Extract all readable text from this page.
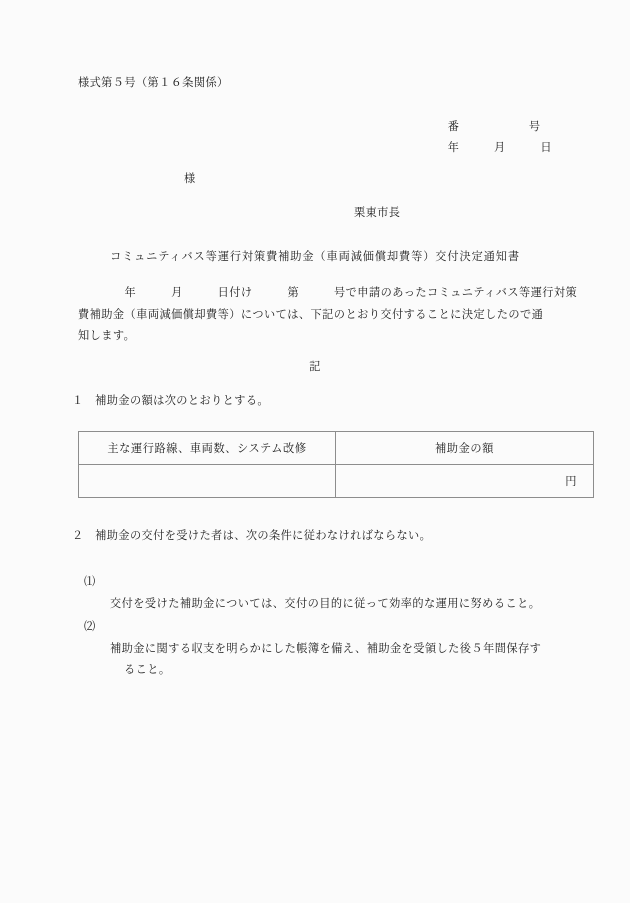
様式第５号（第１６条関係）
番　　　　　　号
年　　　月　　　日
様
栗東市長
コミュニティバス等運行対策費補助金（車両減価償却費等）交付決定通知書
　　　　年　　　月　　　日付け　　　第　　　号で申請のあったコミュニティバス等運行対策
費補助金（車両減価償却費等）については、下記のとおり交付することに決定したので通
知します。
記
１　補助金の額は次のとおりとする。
主な運行路線、車両数、システム改修	補助金の額
	円
２　補助金の交付を受けた者は、次の条件に従わなければならない。
⑴

交付を受けた補助金については、交付の目的に従って効率的な運用に努めること。

⑵

補助金に関する収支を明らかにした帳簿を備え、補助金を受領した後５年間保存す

ること。
